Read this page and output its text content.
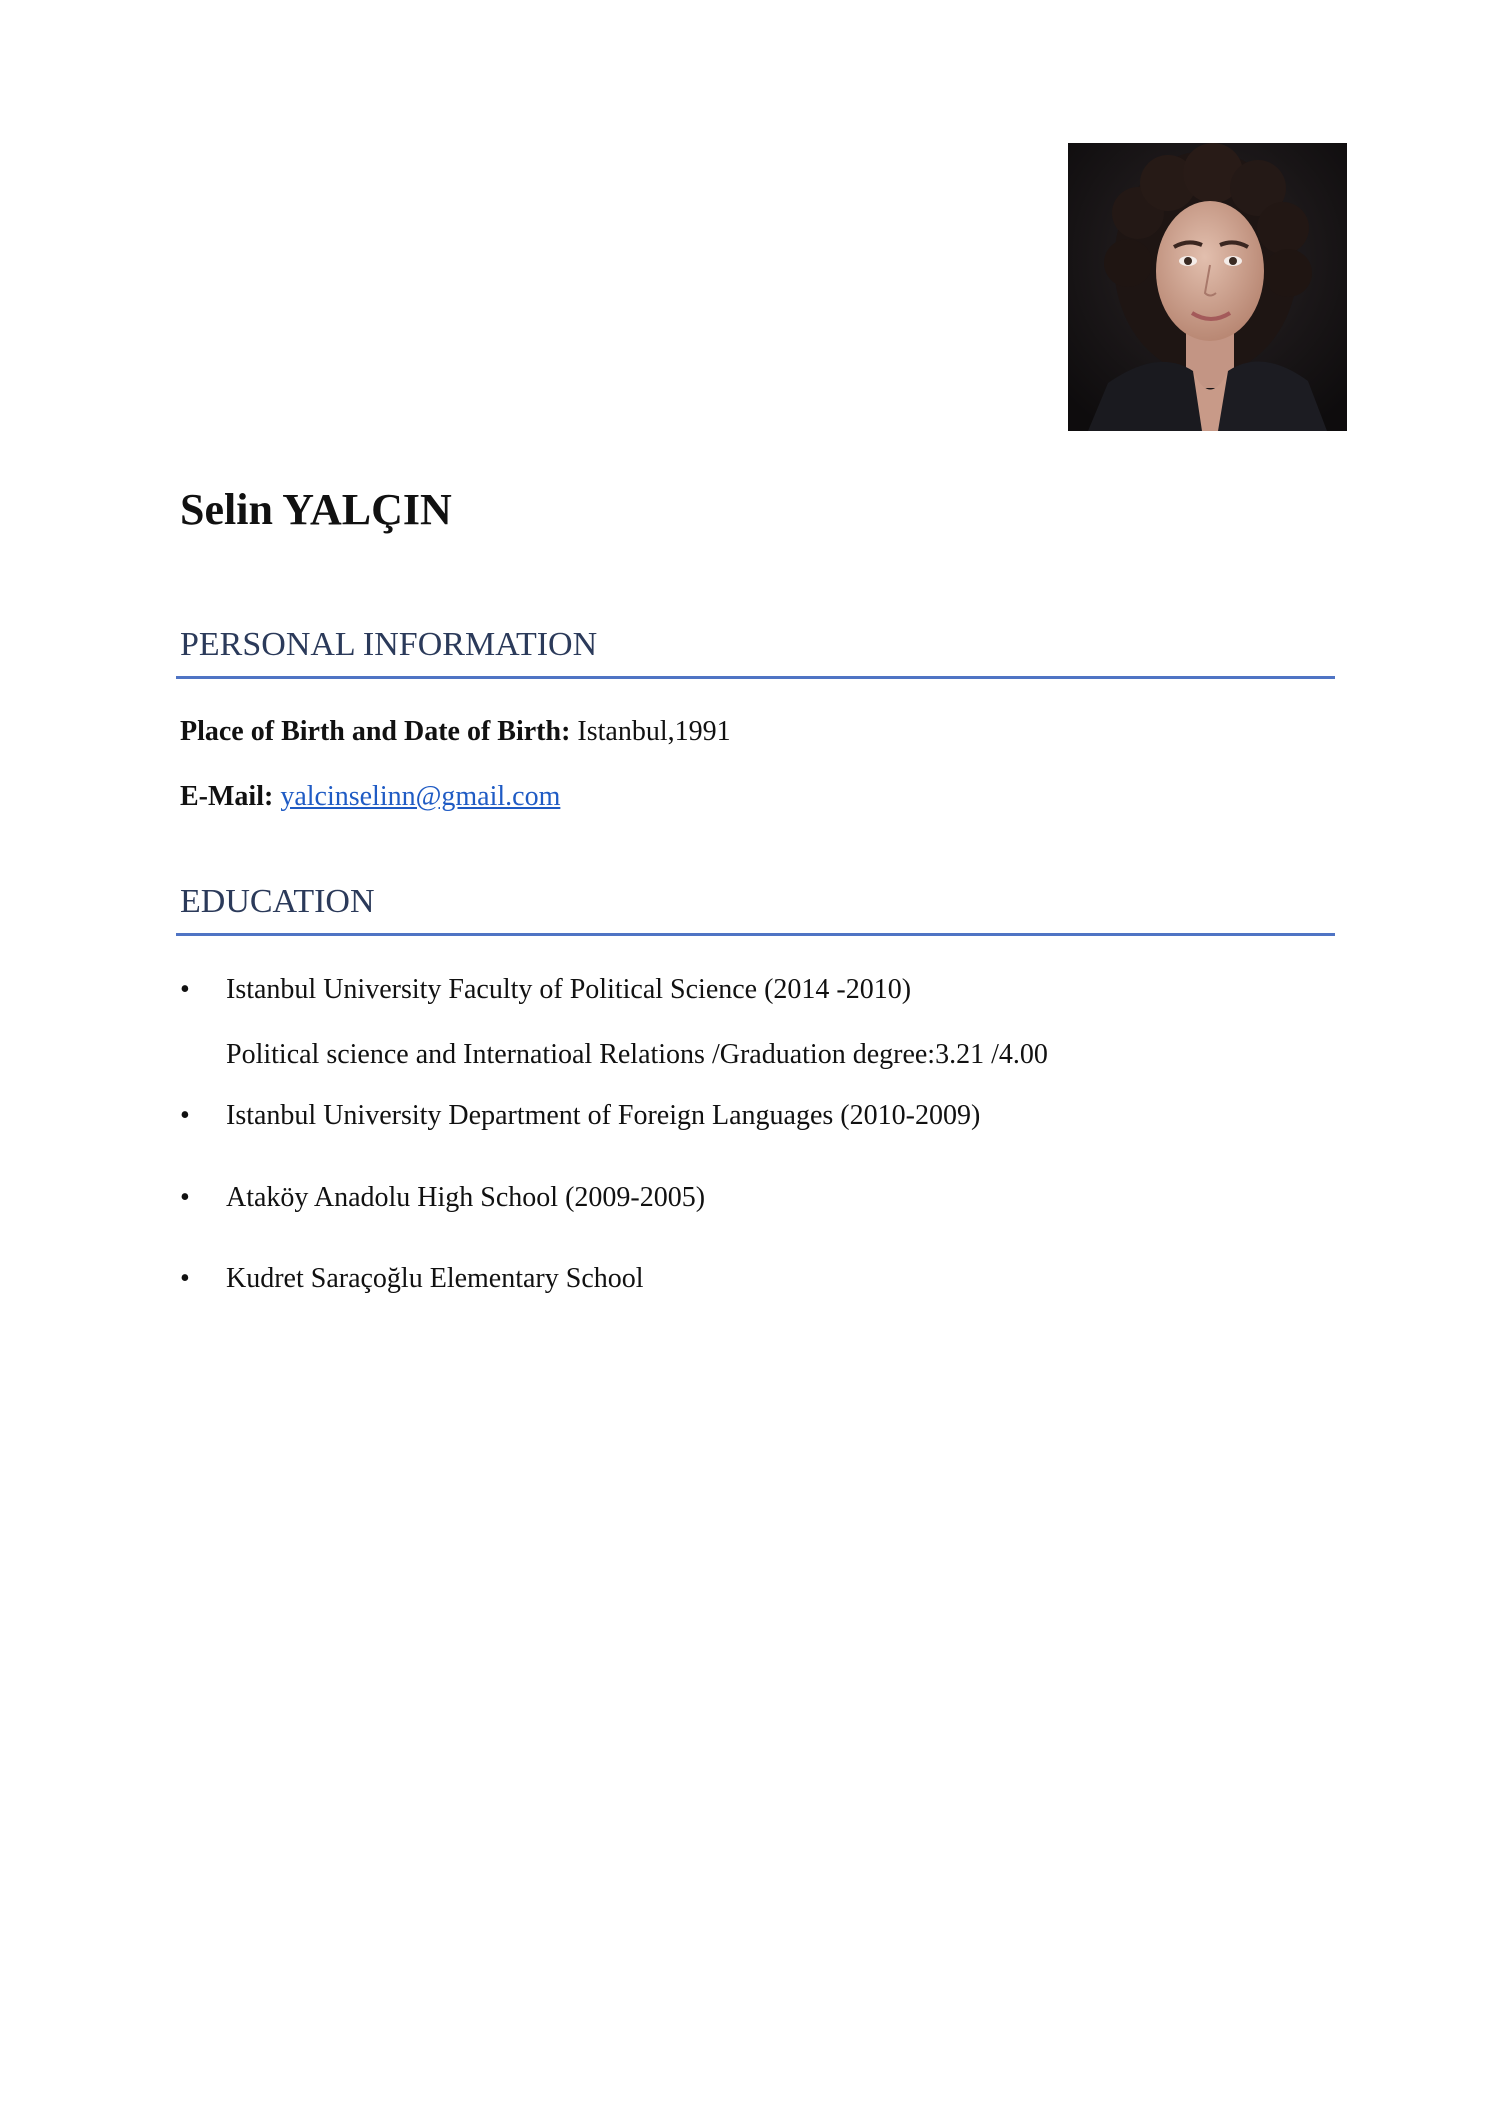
Selin YALÇIN
PERSONAL INFORMATION

Place of Birth and Date of Birth: Istanbul,1991

E-Mail: yalcinselinn@gmail.com

EDUCATION
•	Istanbul University Faculty of Political Science (2014 -2010)
Political science and Internatioal Relations /Graduation degree:3.21 /4.00
•	Istanbul University Department of Foreign Languages (2010-2009)
•	Ataköy Anadolu High School (2009-2005)
•	Kudret Saraçoğlu Elementary School
